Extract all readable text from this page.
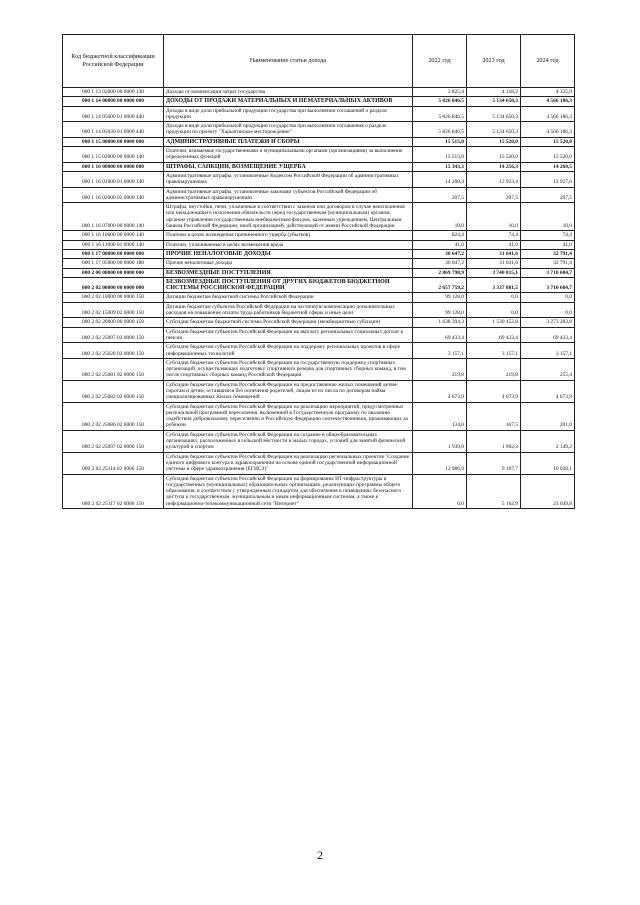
Код бюджетной классификации Российской Федерации	Наименование статьи дохода	2022 год	2023 год	2024 год
000 1 13 02000 00 0000 130	Доходы от компенсации затрат государства	3 825,4	4 318,2	4 325,9
000 1 14 00000 00 0000 000	ДОХОДЫ ОТ ПРОДАЖИ МАТЕРИАЛЬНЫХ И НЕМАТЕРИАЛЬНЫХ АКТИВОВ	5 826 846,5	5 134 650,3	4 566 186,3
000 1 14 05000 01 0000 440	Доходы в виде доли прибыльной продукции государства при выполнении соглашений о разделе продукции	5 826 846,5	5 134 650,3	4 566 186,3
000 1 14 05030 01 0000 440	Доходы в виде доли прибыльной продукции государства при выполнении соглашения о разделе продукции по проекту "Харьягинское месторождение"	5 826 846,5	5 134 650,3	4 566 186,3
000 1 15 00000 00 0000 000	АДМИНИСТРАТИВНЫЕ ПЛАТЕЖИ И СБОРЫ	15 515,0	15 520,0	15 520,0
000 1 15 02000 00 0000 140	Платежи, взимаемые государственными и муниципальными органами (организациями) за выполнение определенных функций	15 515,0	15 520,0	15 520,0
000 1 16 00000 00 0000 000	ШТРАФЫ, САНКЦИИ, ВОЗМЕЩЕНИЕ УЩЕРБА	15 343,3	14 256,3	14 260,5
000 1 16 01000 01 0000 140	Административные штрафы, установленные Кодексом Российской Федерации об административных правонарушениях	14 260,4	13 923,4	13 927,6
000 1 16 02000 02 0000 140	Административные штрафы, установленные законами субъектов Российской Федерации об административных правонарушениях	207,5	207,5	207,5
000 1 16 07000 00 0000 140	Штрафы, неустойки, пени, уплаченные в соответствии с законом или договором в случае неисполнения или ненадлежащего исполнения обязательств перед государственным (муниципальным) органом, органом управления государственным внебюджетным фондом, казенным учреждением, Центральным банком Российской Федерации, иной организацией, действующей от имени Российской Федерации	10,0	10,0	10,0
000 1 16 10000 00 0000 140	Платежи в целях возмещения причиненного ущерба (убытков)	824,4	74,4	74,4
000 1 16 11000 01 0000 140	Платежи, уплачиваемые в целях возмещения вреда	41,0	41,0	41,0
000 1 17 00000 00 0000 000	ПРОЧИЕ НЕНАЛОГОВЫЕ ДОХОДЫ	30 647,2	31 641,6	32 791,4
000 1 17 05000 00 0000 180	Прочие неналоговые доходы	30 647,2	31 641,6	32 791,4
000 2 00 00000 00 0000 000	БЕЗВОЗМЕЗДНЫЕ ПОСТУПЛЕНИЯ	2 869 798,9	3 740 815,1	3 710 604,7
000 2 02 00000 00 0000 000	БЕЗВОЗМЕЗДНЫЕ ПОСТУПЛЕНИЯ ОТ ДРУГИХ БЮДЖЕТОВ БЮДЖЕТНОЙ СИСТЕМЫ РОССИЙСКОЙ ФЕДЕРАЦИИ	2 657 759,2	3 337 881,5	3 710 604,7
000 2 02 10000 00 0000 150	Дотации бюджетам бюджетной системы Российской Федерации	99 128,0	0,0	0,0
000 2 02 15009 02 0000 150	Дотации бюджетам субъектов Российской Федерации на частичную компенсацию дополнительных расходов на повышение оплаты труда работников бюджетной сферы и иные цели	99 128,0	0,0	0,0
000 2 02 20000 00 0000 150	Субсидии бюджетам бюджетной системы Российской Федерации (межбюджетные субсидии)	1 638 394,3	1 530 452,8	3 273 283,8
000 2 02 25097 02 0000 150	Субсидии бюджетам субъектов Российской Федерации на выплату региональных социальных доплат к пенсии	69 433,4	69 433,4	69 433,4
000 2 02 25028 02 0000 150	Субсидии бюджетам субъектов Российской Федерации на поддержку региональных проектов в сфере информационных технологий	3 157,1	3 157,1	3 157,1
000 2 02 25081 02 0000 150	Субсидии бюджетам субъектов Российской Федерации на государственную поддержку спортивных организаций, осуществляющих подготовку спортивного резерва для спортивных сборных команд, в том числе спортивных сборных команд Российской Федерации	219,8	219,8	255,4
000 2 02 25082 02 0000 150	Субсидии бюджетам субъектов Российской Федерации на предоставление жилых помещений детям-сиротам и детям, оставшимся без попечения родителей, лицам из их числа по договорам найма специализированных жилых помещений	4 673,9	4 673,9	4 673,9
000 2 02 25086 02 0000 150	Субсидии бюджетам субъектов Российской Федерации на реализацию мероприятий, предусмотренных региональной программой переселения, включенной в Государственную программу по оказанию содействия добровольному переселению в Российскую Федерацию соотечественников, проживающих за рубежом	134,0	167,5	201,0
000 2 02 25097 02 0000 150	Субсидии бюджетам субъектов Российской Федерации на создание в общеобразовательных организациях, расположенных в сельской местности и малых городах, условий для занятий физической культурой и спортом	1 939,0	1 902,3	2 149,2
000 2 02 25114 02 0000 150	Субсидии бюджетам субъектов Российской Федерации на реализацию региональных проектов "Создание единого цифрового контура в здравоохранении на основе единой государственной информационной системы в сфере здравоохранения (ЕГИСЗ)"	12 986,9	9 107,7	10 028,1
000 2 02 25117 02 0000 150	Субсидии бюджетам субъектов Российской Федерации на формирование ИТ-инфраструктуры в государственных (муниципальных) образовательных организациях, реализующих программы общего образования, в соответствии с утвержденным стандартом для обеспечения в помещениях безопасного доступа к государственным, муниципальным и иным информационным системам, а также к информационно-телекоммуникационной сети "Интернет"	0,0	5 162,9	23 049,8
2
